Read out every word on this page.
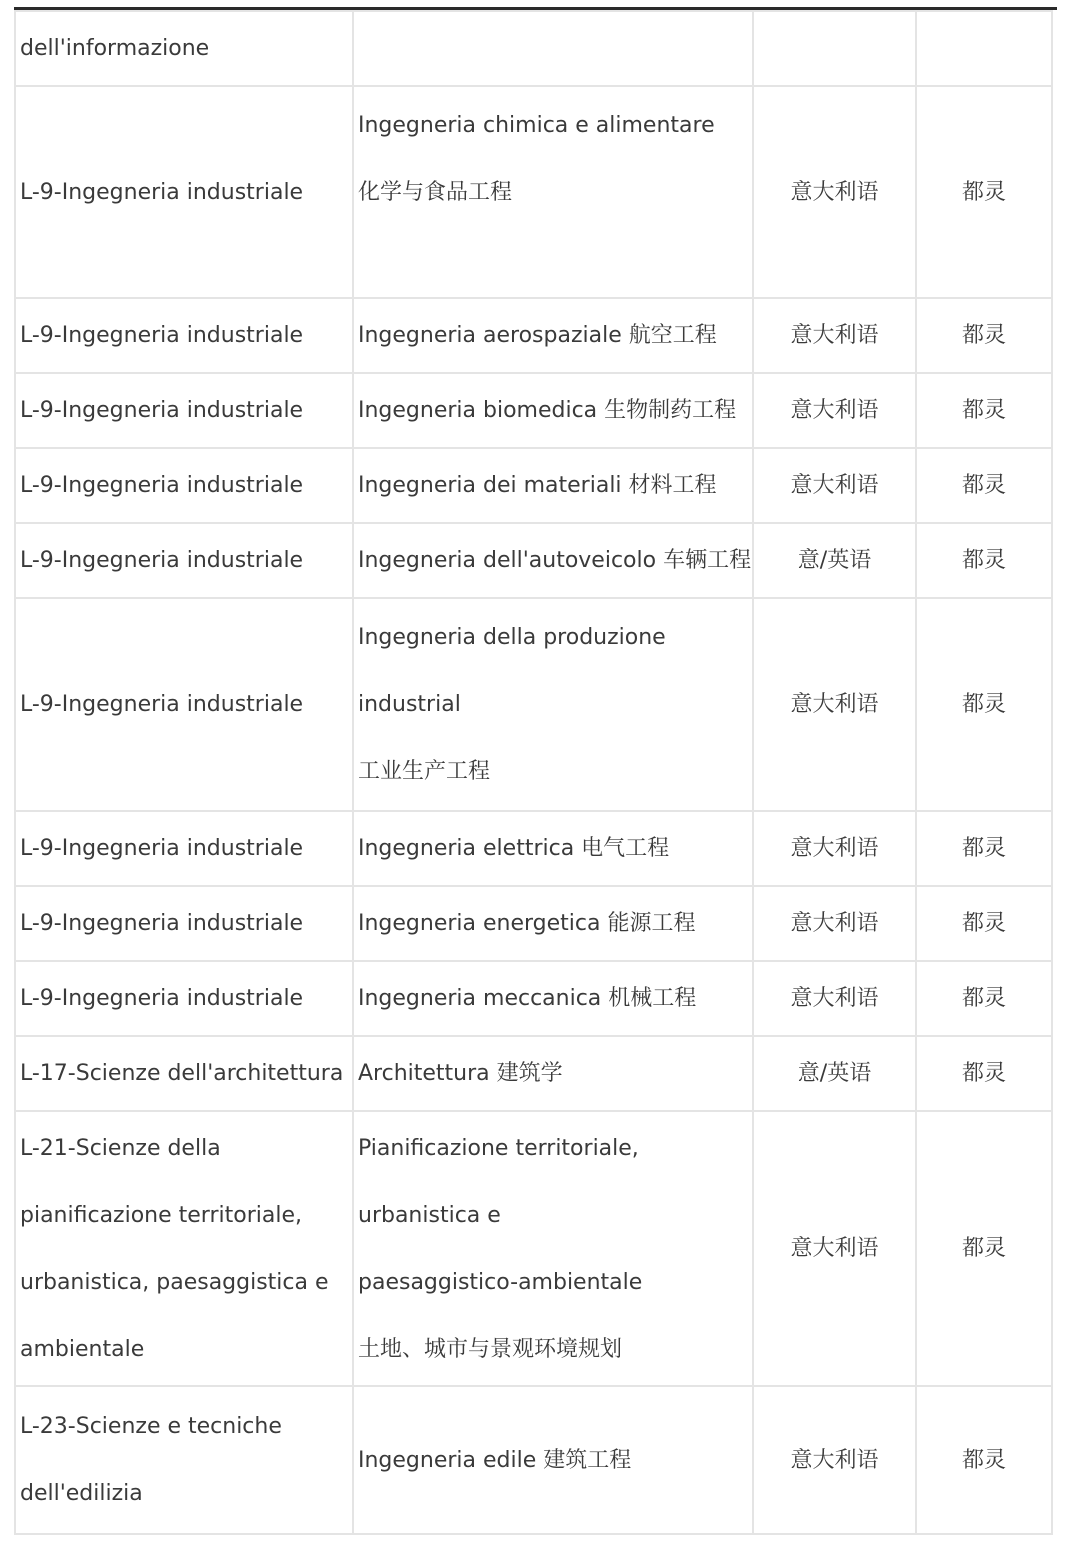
dell'informazione			

L-9-Ingegneria industriale	Ingegneria chimica e alimentare
化学与食品工程	意大利语	都灵

L-9-Ingegneria industriale	Ingegneria aerospaziale 航空工程	意大利语	都灵

L-9-Ingegneria industriale	Ingegneria biomedica 生物制药工程	意大利语	都灵

L-9-Ingegneria industriale	Ingegneria dei materiali 材料工程	意大利语	都灵

L-9-Ingegneria industriale	Ingegneria dell'autoveicolo 车辆工程	意/英语	都灵

L-9-Ingegneria industriale	Ingegneria della produzione
industrial
工业生产工程	意大利语	都灵

L-9-Ingegneria industriale	Ingegneria elettrica 电气工程	意大利语	都灵

L-9-Ingegneria industriale	Ingegneria energetica 能源工程	意大利语	都灵

L-9-Ingegneria industriale	Ingegneria meccanica 机械工程	意大利语	都灵

L-17-Scienze dell'architettura	Architettura 建筑学	意/英语	都灵

L-21-Scienze della
pianificazione territoriale,
urbanistica, paesaggistica e
ambientale	Pianificazione territoriale,
urbanistica e
paesaggistico-ambientale
土地、城市与景观环境规划	意大利语	都灵

L-23-Scienze e tecniche
dell'edilizia	Ingegneria edile 建筑工程	意大利语	都灵
